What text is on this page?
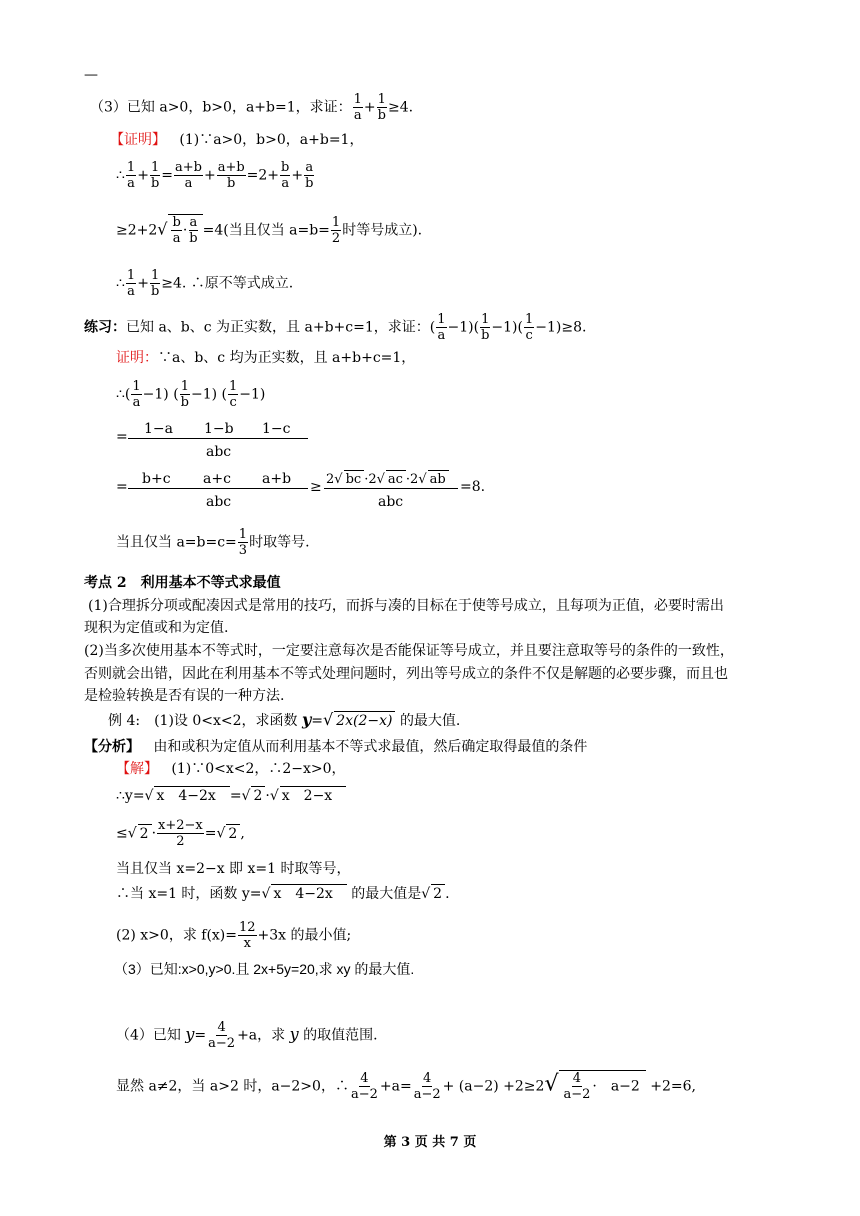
—
（3）已知 a>0，b>0，a+b=1，求证： $\frac{1}{a} + \frac{1}{b} \ge 4$.
【证明】 (1)∵a>0，b>0，a+b=1，
∴ $\frac{1}{a} + \frac{1}{b} = \frac{a+b}{a} + \frac{a+b}{b} =2+ \frac{b}{a} + \frac{a}{b}$
$\ge 2+2√ \frac{b}{a} \cdot \frac{a}{b} =4$(当且仅当 $a=b= \frac{1}{2}$ 时等号成立).
∴ $\frac{1}{a} + \frac{1}{b} \ge 4$. ∴原不等式成立.
练习：已知 a、b、c 为正实数，且 a+b+c=1，求证：( $\frac{1}{a} -1)( \frac{1}{b} -1)( \frac{1}{c} -1)\ge 8$.
证明：∵a、b、c 均为正实数，且 a+b+c=1，
∴( $\frac{1}{a} -1$) ( $\frac{1}{b} -1$) ( $\frac{1}{c} -1$)
= 1−a 1−b 1−c
abc
= b+c a+c a+b
abc
≥ 2√ bc ·2√ ac ·2√ ab
abc
=8.
当且仅当 $a=b=c= \frac{1}{3}$ 时取等号.
考点 2　利用基本不等式求最值
(1)合理拆分项或配凑因式是常用的技巧，而拆与凑的目标在于使等号成立，且每项为正值，必要时需出
现积为定值或和为定值.
(2)当多次使用基本不等式时，一定要注意每次是否能保证等号成立，并且要注意取等号的条件的一致性，
否则就会出错，因此在利用基本不等式处理问题时，列出等号成立的条件不仅是解题的必要步骤，而且也
是检验转换是否有误的一种方法.
例 4:　(1)设 0<x<2，求函数 y=√ 2x(2−x) 的最大值.
【分析】 由和或积为定值从而利用基本不等式求最值，然后确定取得最值的条件
【解】 (1)∵0<x<2，∴2−x>0，
∴y=√ x　4−2x =√ 2 ·√ x　2−x
≤√ $2 \cdot \frac{x+2-x}{2}$ =√ 2 ,
当且仅当 x=2−x 即 x=1 时取等号，
∴当 x=1 时，函数 y=√ x　4−2x 的最大值是√ 2 .
(2) x>0，求 $f(x)= \frac{12}{x} +3x$ 的最小值;
（3）已知:x>0,y>0.且 2x+5y=20,求 xy 的最大值.
（4）已知 $y= \frac{4}{a-2} +a$，求 y 的取值范围.
显然 a≠2，当 a>2 时，a−2>0，∴ $\frac{4}{a-2} +a= \frac{4}{a-2} + (a-2) +2\ge 2√ \frac{4}{a-2}$ ·　a−2 +2=6,
第 3 页 共 7 页
